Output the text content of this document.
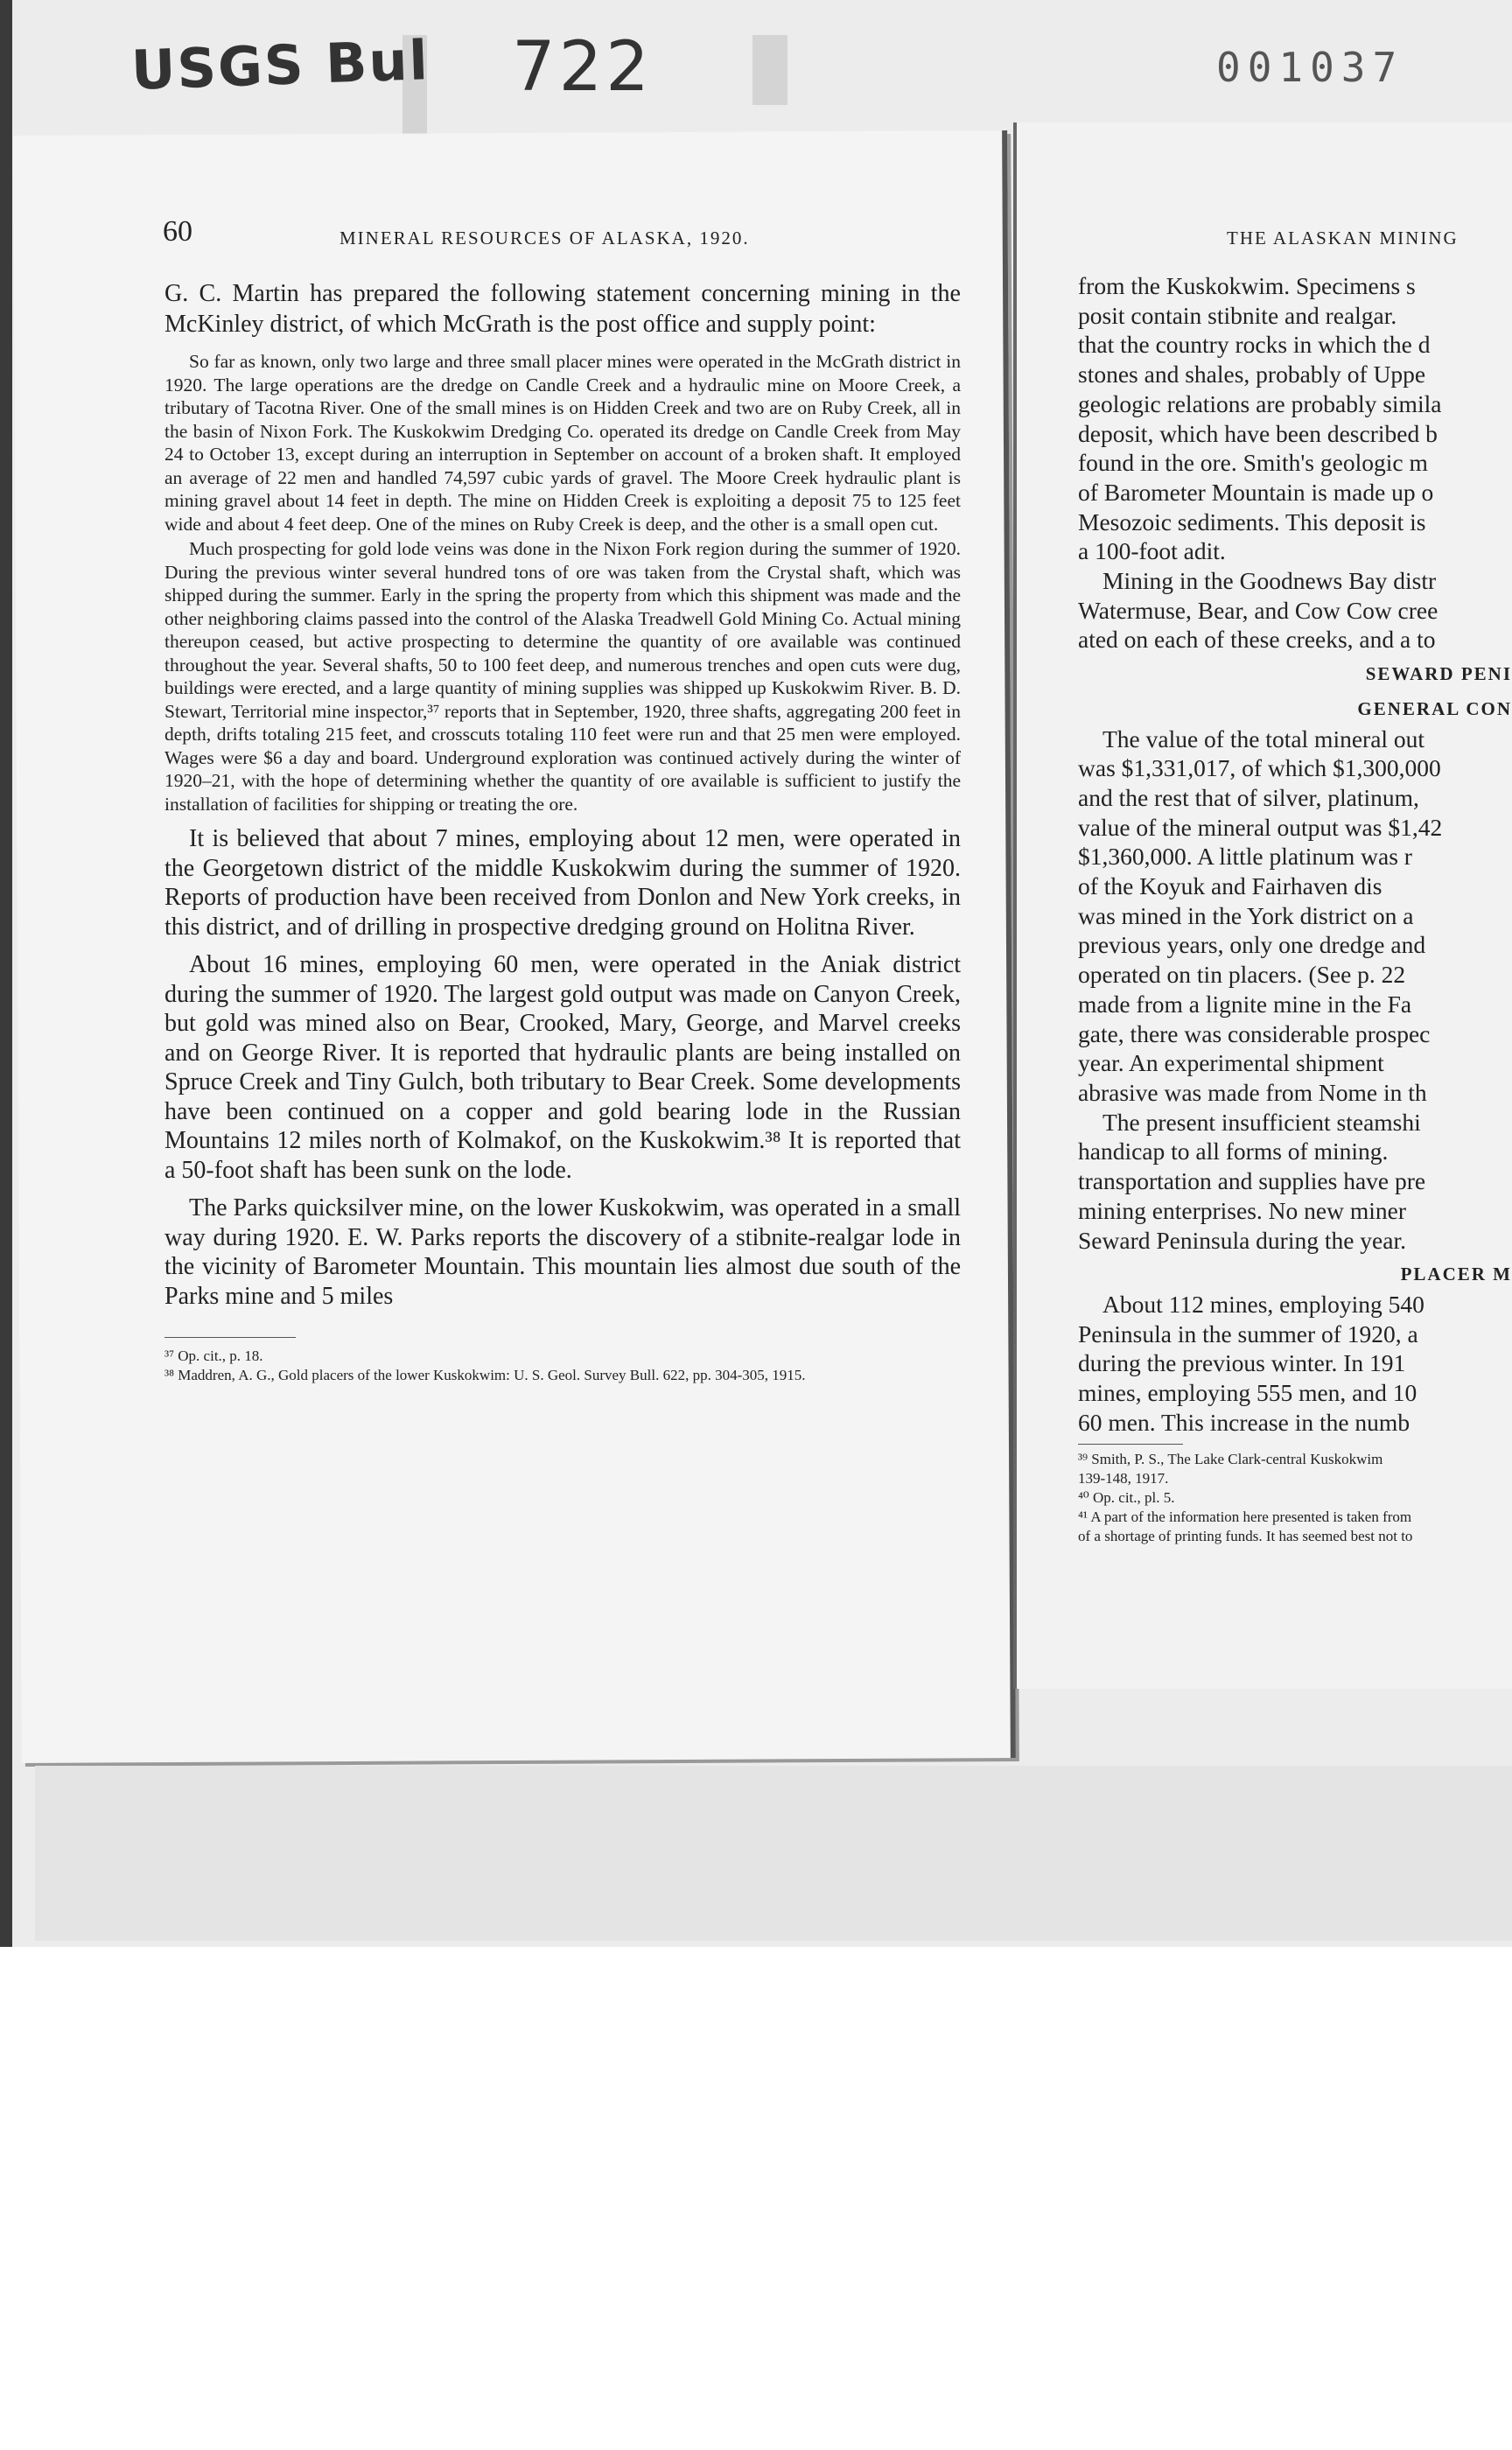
USGS Bul 722	001037
60	MINERAL RESOURCES OF ALASKA, 1920.

G. C. Martin has prepared the following statement concerning mining in the McKinley district, of which McGrath is the post office and supply point:

So far as known, only two large and three small placer mines were operated in the McGrath district in 1920. The large operations are the dredge on Candle Creek and a hydraulic mine on Moore Creek, a tributary of Tacotna River. One of the small mines is on Hidden Creek and two are on Ruby Creek, all in the basin of Nixon Fork. The Kuskokwim Dredging Co. operated its dredge on Candle Creek from May 24 to October 13, except during an interruption in September on account of a broken shaft. It employed an average of 22 men and handled 74,597 cubic yards of gravel. The Moore Creek hydraulic plant is mining gravel about 14 feet in depth. The mine on Hidden Creek is exploiting a deposit 75 to 125 feet wide and about 4 feet deep. One of the mines on Ruby Creek is deep, and the other is a small open cut.

Much prospecting for gold lode veins was done in the Nixon Fork region during the summer of 1920. During the previous winter several hundred tons of ore was taken from the Crystal shaft, which was shipped during the summer. Early in the spring the property from which this shipment was made and the other neighboring claims passed into the control of the Alaska Treadwell Gold Mining Co. Actual mining thereupon ceased, but active prospecting to determine the quantity of ore available was continued throughout the year. Several shafts, 50 to 100 feet deep, and numerous trenches and open cuts were dug, buildings were erected, and a large quantity of mining supplies was shipped up Kuskokwim River. B. D. Stewart, Territorial mine inspector,³⁷ reports that in September, 1920, three shafts, aggregating 200 feet in depth, drifts totaling 215 feet, and crosscuts totaling 110 feet were run and that 25 men were employed. Wages were $6 a day and board. Underground exploration was continued actively during the winter of 1920–21, with the hope of determining whether the quantity of ore available is sufficient to justify the installation of facilities for shipping or treating the ore.

It is believed that about 7 mines, employing about 12 men, were operated in the Georgetown district of the middle Kuskokwim during the summer of 1920. Reports of production have been received from Donlon and New York creeks, in this district, and of drilling in prospective dredging ground on Holitna River.

About 16 mines, employing 60 men, were operated in the Aniak district during the summer of 1920. The largest gold output was made on Canyon Creek, but gold was mined also on Bear, Crooked, Mary, George, and Marvel creeks and on George River. It is reported that hydraulic plants are being installed on Spruce Creek and Tiny Gulch, both tributary to Bear Creek. Some developments have been continued on a copper and gold bearing lode in the Russian Mountains 12 miles north of Kolmakof, on the Kuskokwim.³⁸ It is reported that a 50-foot shaft has been sunk on the lode.

The Parks quicksilver mine, on the lower Kuskokwim, was operated in a small way during 1920. E. W. Parks reports the discovery of a stibnite-realgar lode in the vicinity of Barometer Mountain. This mountain lies almost due south of the Parks mine and 5 miles

³⁷ Op. cit., p. 18.

³⁸ Maddren, A. G., Gold placers of the lower Kuskokwim: U. S. Geol. Survey Bull. 622, pp. 304-305, 1915.

THE ALASKAN MINING

from the Kuskokwim. Specimens s

posit contain stibnite and realgar.

that the country rocks in which the d

stones and shales, probably of Uppe

geologic relations are probably simila

deposit, which have been described b

found in the ore. Smith's geologic m

of Barometer Mountain is made up o

Mesozoic sediments. This deposit is

a 100-foot adit.

Mining in the Goodnews Bay distr

Watermuse, Bear, and Cow Cow cree

ated on each of these creeks, and a to

SEWARD PENI

GENERAL CON

The value of the total mineral out

was $1,331,017, of which $1,300,000

and the rest that of silver, platinum,

value of the mineral output was $1,42

$1,360,000. A little platinum was r

of the Koyuk and Fairhaven dis

was mined in the York district on a

previous years, only one dredge and

operated on tin placers. (See p. 22

made from a lignite mine in the Fa

gate, there was considerable prospec

year. An experimental shipment

abrasive was made from Nome in th

The present insufficient steamshi

handicap to all forms of mining.

transportation and supplies have pre

mining enterprises. No new miner

Seward Peninsula during the year.

PLACER M

About 112 mines, employing 540

Peninsula in the summer of 1920, a

during the previous winter. In 191

mines, employing 555 men, and 10

60 men. This increase in the numb

³⁹ Smith, P. S., The Lake Clark-central Kuskokwim

139-148, 1917.

⁴⁰ Op. cit., pl. 5.

⁴¹ A part of the information here presented is taken from

of a shortage of printing funds. It has seemed best not to
